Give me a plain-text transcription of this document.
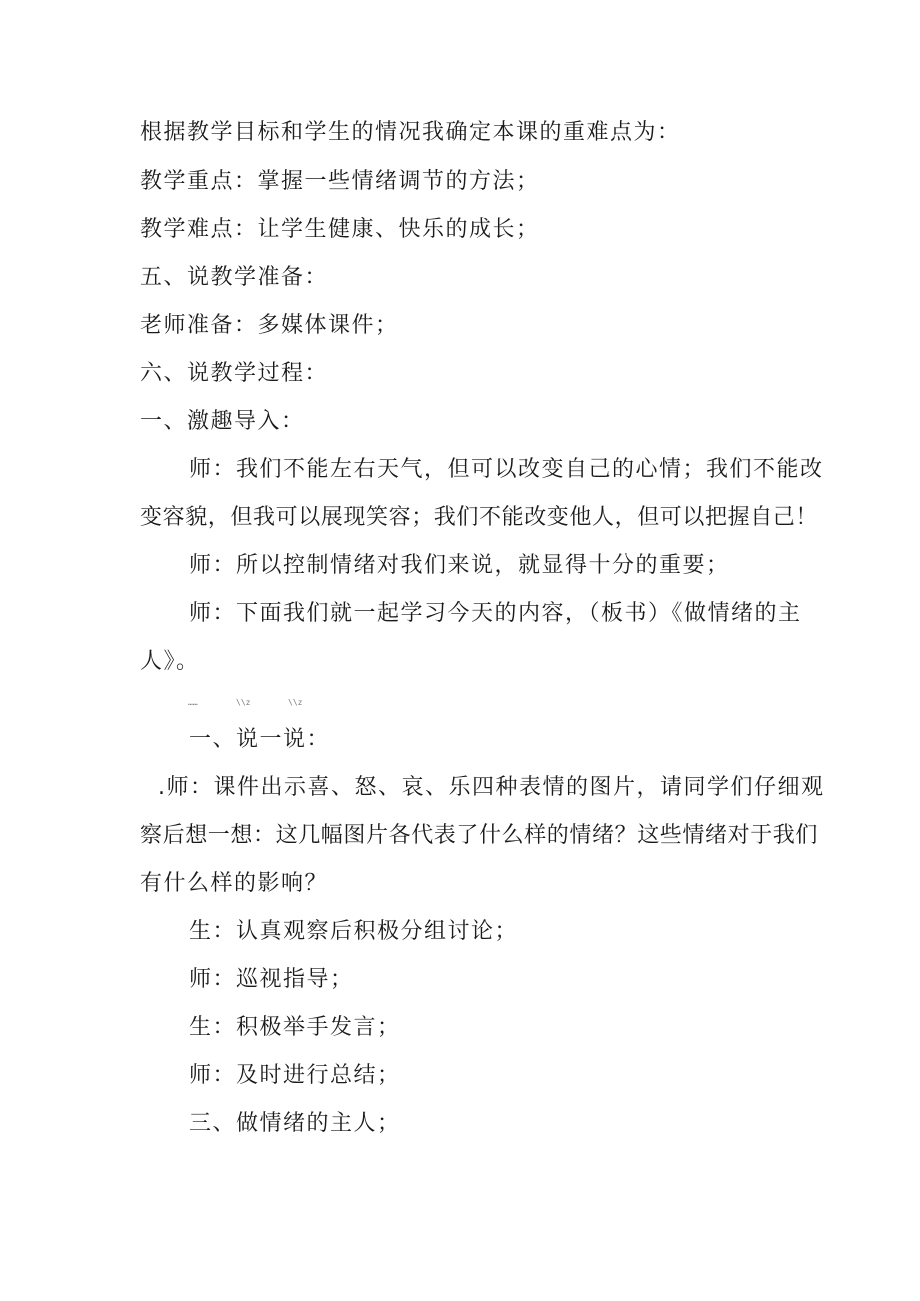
根据教学目标和学生的情况我确定本课的重难点为：
教学重点：掌握一些情绪调节的方法；
教学难点：让学生健康、快乐的成长；
五、说教学准备：
老师准备：多媒体课件；
六、说教学过程：
一、激趣导入：
师：我们不能左右天气，但可以改变自己的心情；我们不能改
变容貌，但我可以展现笑容；我们不能改变他人，但可以把握自己！
师：所以控制情绪对我们来说，就显得十分的重要；
师：下面我们就一起学习今天的内容，（板书）《做情绪的主
人》。
……	\\z	\\z
一、说一说：
.师：课件出示喜、怒、哀、乐四种表情的图片，请同学们仔细观
察后想一想：这几幅图片各代表了什么样的情绪？这些情绪对于我们
有什么样的影响？
生：认真观察后积极分组讨论；
师：巡视指导；
生：积极举手发言；
师：及时进行总结；
三、做情绪的主人；
